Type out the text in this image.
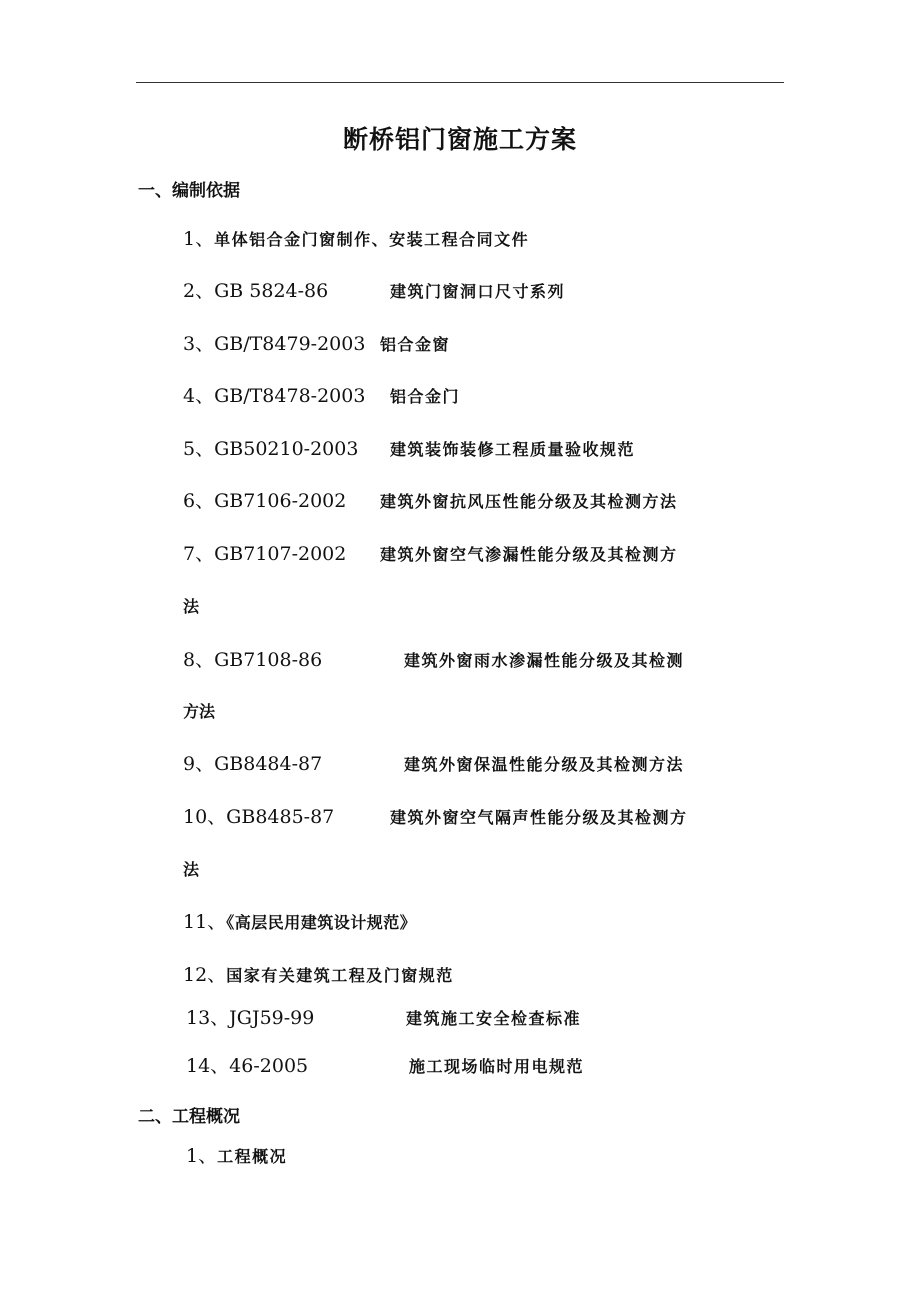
断桥铝门窗施工方案
一、编制依据
1、单体铝合金门窗制作、安装工程合同文件
2、GB 5824-86	建筑门窗洞口尺寸系列
3、GB/T8479-2003 铝合金窗
4、GB/T8478-2003 铝合金门
5、GB50210-2003 建筑装饰装修工程质量验收规范
6、GB7106-2002 建筑外窗抗风压性能分级及其检测方法
7、GB7107-2002 建筑外窗空气渗漏性能分级及其检测方
法
8、GB7108-86	建筑外窗雨水渗漏性能分级及其检测
方法
9、GB8484-87	建筑外窗保温性能分级及其检测方法
10、GB8485-87	建筑外窗空气隔声性能分级及其检测方
法
11、《高层民用建筑设计规范》
12、国家有关建筑工程及门窗规范
13、JGJ59-99	建筑施工安全检查标准
14、46-2005	施工现场临时用电规范
二、工程概况
1、工程概况
